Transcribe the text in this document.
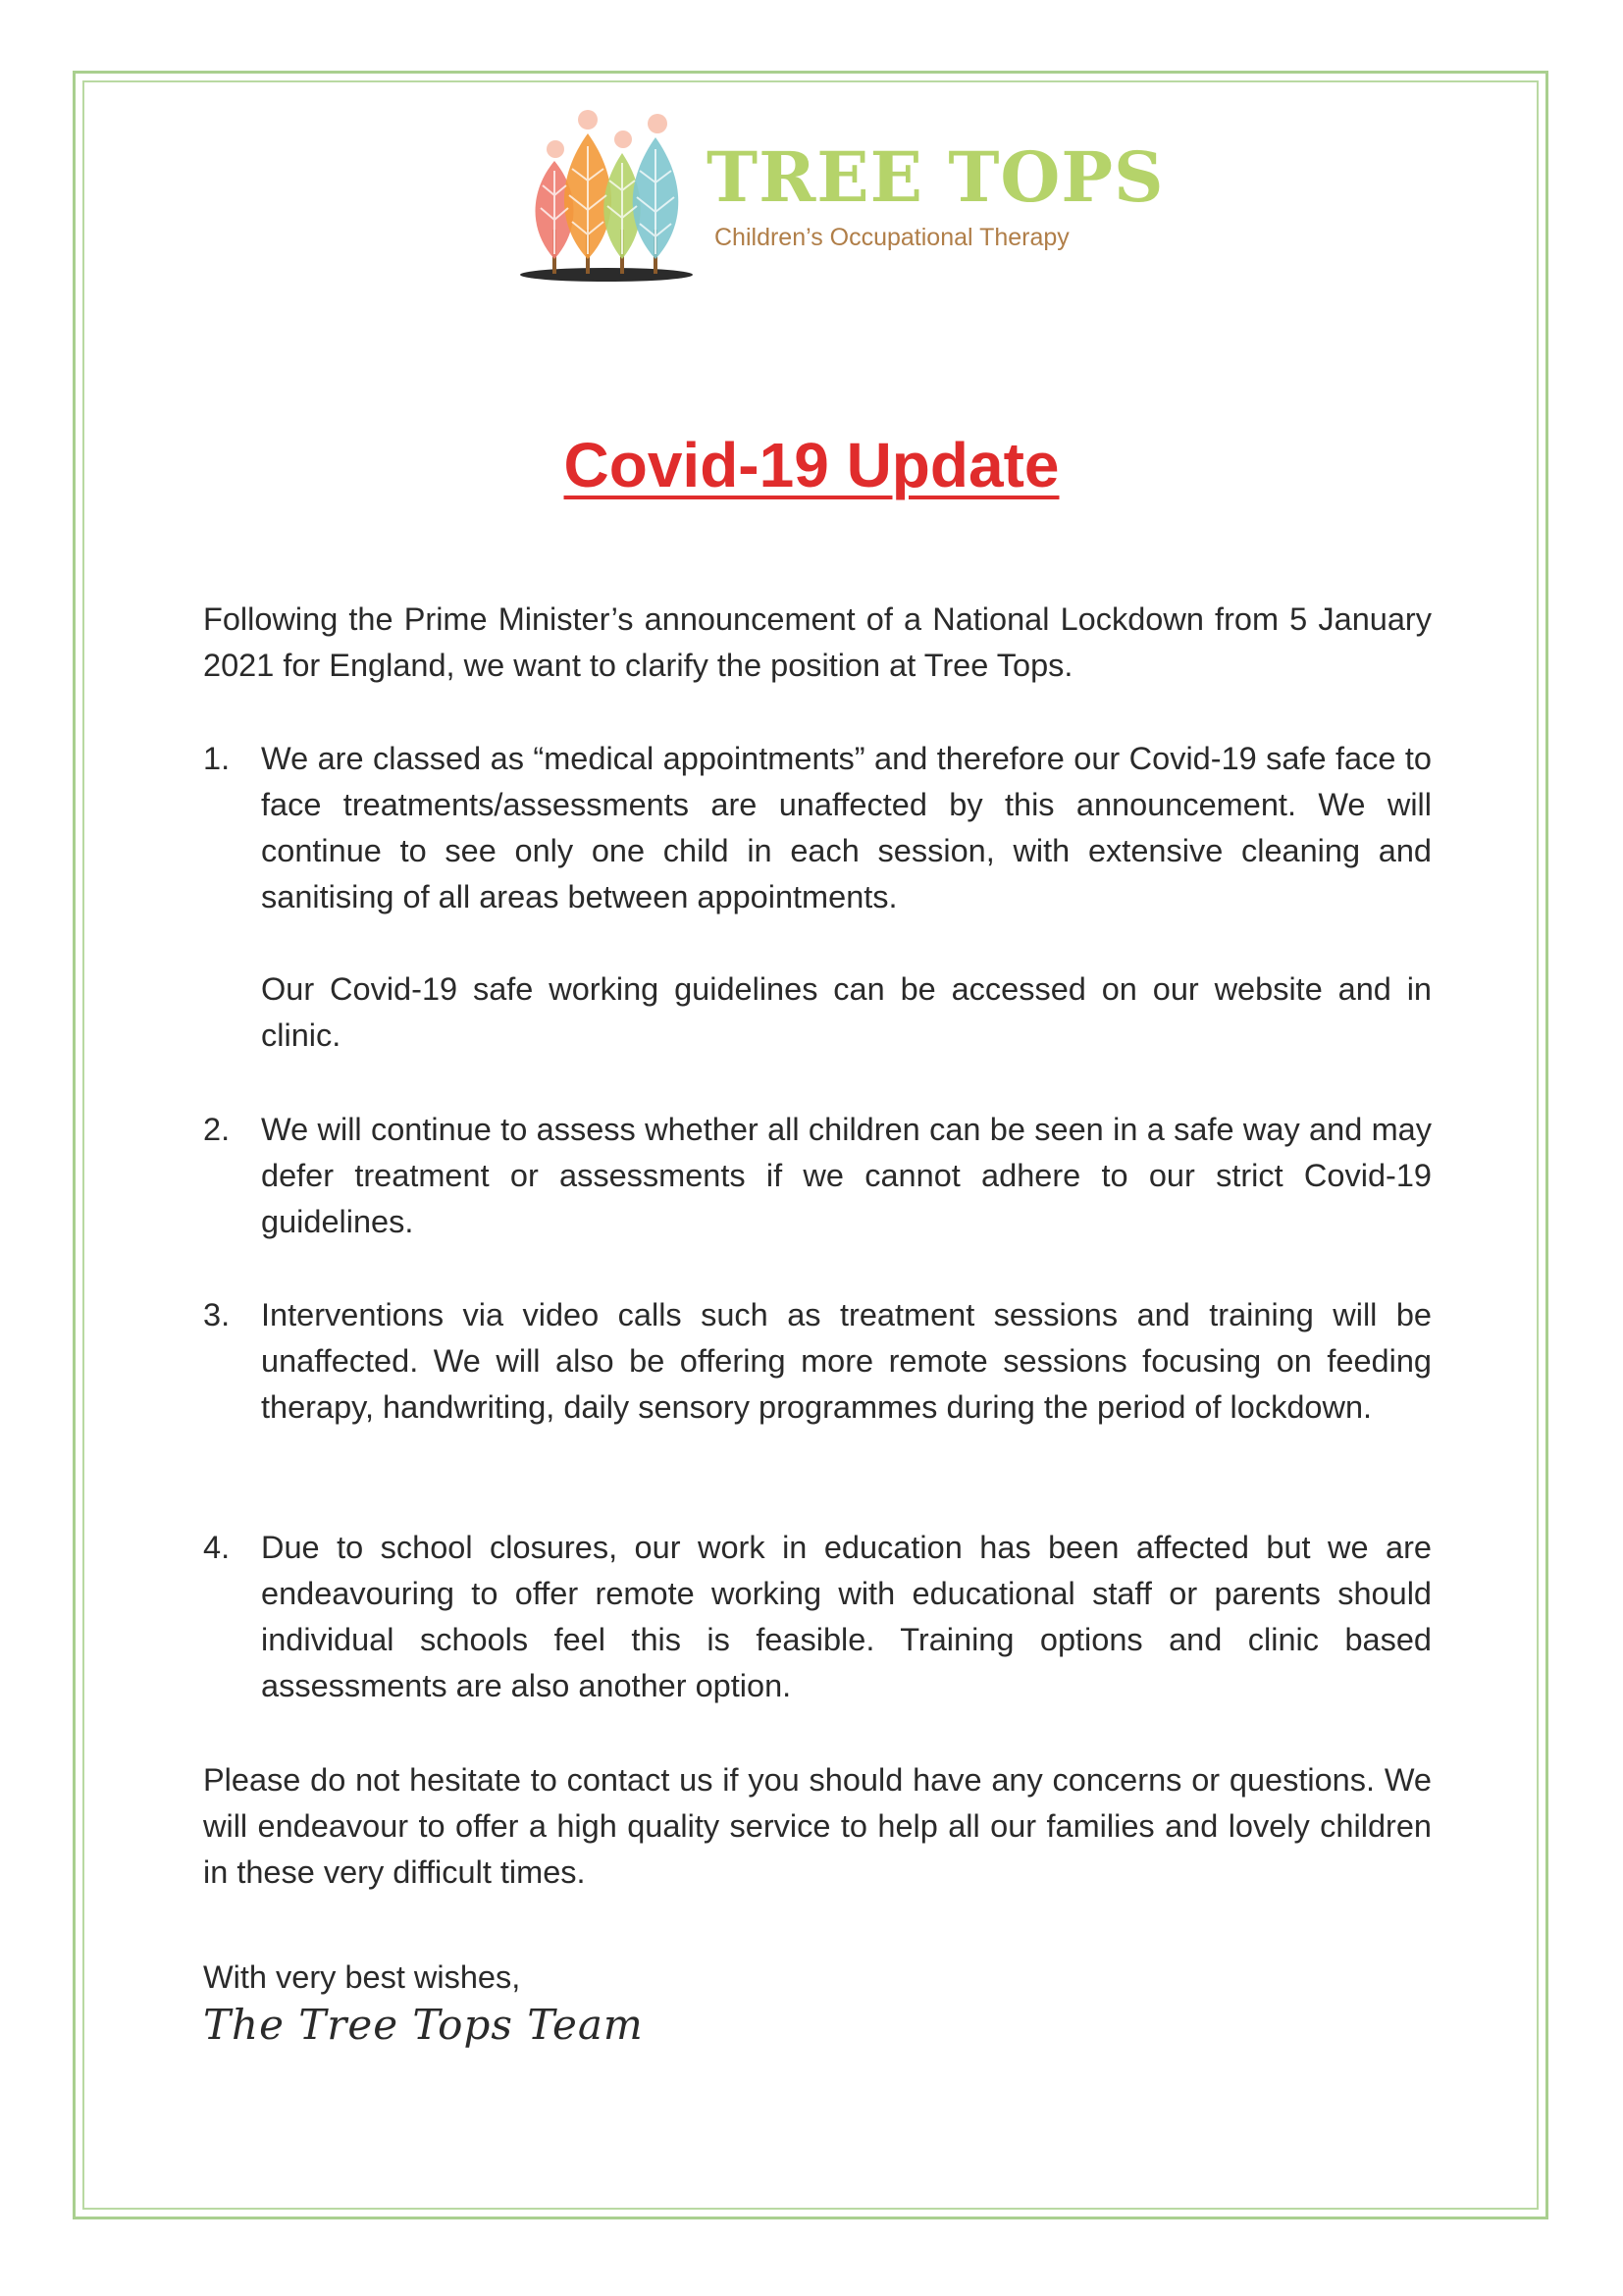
TREE TOPS
Children’s Occupational Therapy
Covid-19 Update

Following the Prime Minister’s announcement of a National Lockdown from 5 January 2021 for England, we want to clarify the position at Tree Tops.

1. We are classed as “medical appointments” and therefore our Covid-19 safe face to face treatments/assessments are unaffected by this announcement. We will continue to see only one child in each session, with extensive cleaning and sanitising of all areas between appointments.

Our Covid-19 safe working guidelines can be accessed on our website and in clinic.

2. We will continue to assess whether all children can be seen in a safe way and may defer treatment or assessments if we cannot adhere to our strict Covid-19 guidelines.

3. Interventions via video calls such as treatment sessions and training will be unaffected. We will also be offering more remote sessions focusing on feeding therapy, handwriting, daily sensory programmes during the period of lockdown.

4. Due to school closures, our work in education has been affected but we are endeavouring to offer remote working with educational staff or parents should individual schools feel this is feasible. Training options and clinic based assessments are also another option.

Please do not hesitate to contact us if you should have any concerns or questions. We will endeavour to offer a high quality service to help all our families and lovely children in these very difficult times.

With very best wishes,
The Tree Tops Team
